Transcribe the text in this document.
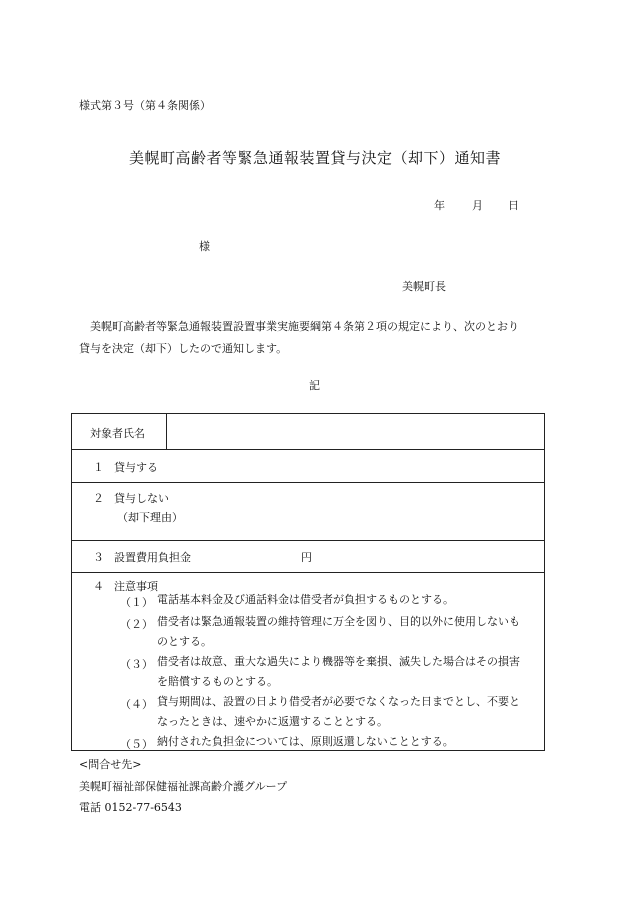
様式第３号（第４条関係）
美幌町高齢者等緊急通報装置貸与決定（却下）通知書
年 月 日
様
美幌町長

美幌町高齢者等緊急通報装置設置事業実施要綱第４条第２項の規定により、次のとおり

貸与を決定（却下）したので通知します。

記
対象者氏名
１ 貸与する
２ 貸与しない
（却下理由）
３ 設置費用負担金	円
４ 注意事項
（１） 電話基本料金及び通話料金は借受者が負担するものとする。
（２） 借受者は緊急通報装置の維持管理に万全を図り、目的以外に使用しないも
のとする。
（３） 借受者は故意、重大な過失により機器等を棄損、滅失した場合はその損害
を賠償するものとする。
（４） 貸与期間は、設置の日より借受者が必要でなくなった日までとし、不要と
なったときは、速やかに返還することとする。
（５） 納付された負担金については、原則返還しないこととする。
<問合せ先>
美幌町福祉部保健福祉課高齢介護グループ
電話 0152-77-6543
